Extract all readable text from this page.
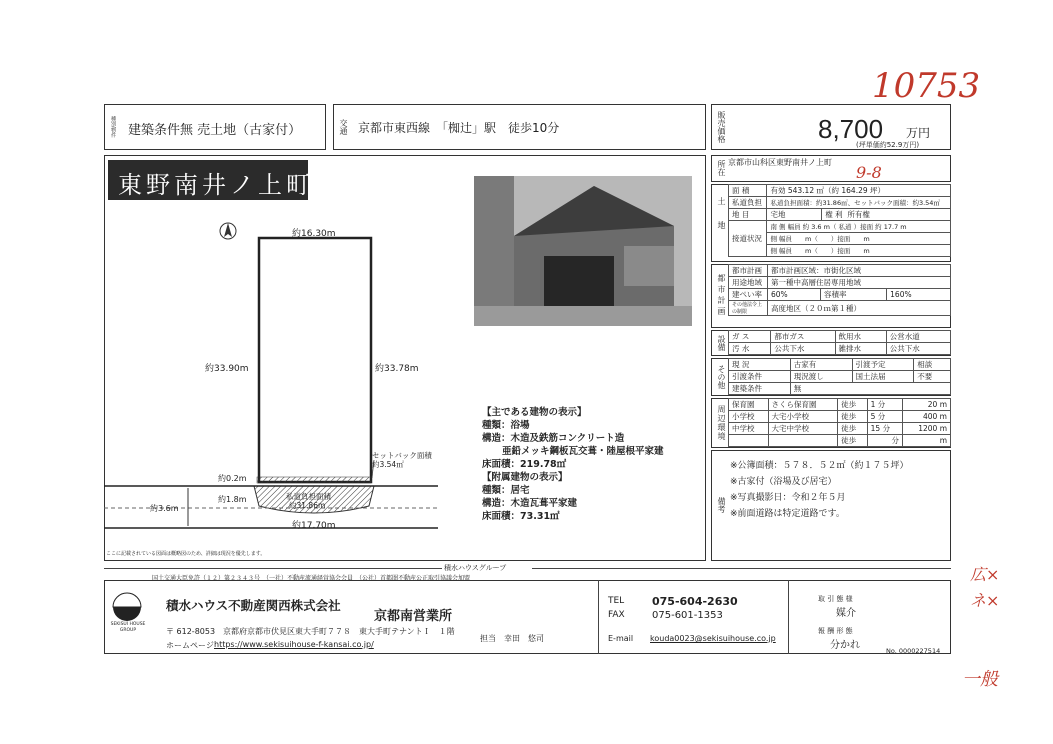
10753
9-8
広×
ネ×
一般
種別/物件 建築条件無 売土地（古家付）	交通 京都市東西線　「椥辻」駅　徒歩10分	販売価格	8,700 万円
(坪単価約52.9万円)
東野南井ノ上町
約16.30m
約33.90m	約33.78m
セットバック面積
約3.54㎡
約0.2m
約1.8m	私道負担面積
約31.86m
約3.6m
約17.70m
ここに記載されている図面は概略図のため、詳細は現況を優先します。
【主である建物の表示】
種類：浴場
構造：木造及鉄筋コンクリート造
亜鉛メッキ鋼板瓦交葺・陸屋根平家建
床面積：219.78㎡
【附属建物の表示】
種類：居宅
構造：木造瓦葺平家建
床面積：73.31㎡
所在 京都市山科区東野南井ノ上町
土地
面 積	有効 543.12 ㎡（約 164.29 坪）	
私道負担	私道負担面積：約31.86㎡、セットバック面積：約3.54㎡	
地 目	宅地	権 利 所有権
接道状況	南 側 幅員 約 3.6 m（ 私道 ）接面 約 17.7 m	
	側 幅員　　m（　　）接面　　m	
	側 幅員　　m（　　）接面　　m	
都市計画
都市計画	都市計画区域：市街化区域		
用途地域	第一種中高層住居専用地域		
建ぺい率	60%	容積率	160%
その他法令上の制限	高度地区（２０ｍ第１種）		
設備 ガ ス	都市ガス	飲用水	公営水道
汚 水	公共下水	雑排水	公共下水
その他
現 況	古家有	引渡予定	相談
引渡条件	現況渡し	国土法届	不要
建築条件	無		
周辺環境
保育園	さくら保育園	徒歩	1 分	20 m
小学校	大宅小学校	徒歩	5 分	400 m
中学校	大宅中学校	徒歩	15 分	1200 m
		徒歩	分	m
備考
※公簿面積：５７８．５２㎡（約１７５坪）
※古家付（浴場及び居宅）
※写真撮影日：令和２年５月
※前面道路は特定道路です。
積水ハウスグループ
国土交通大臣免許（１２）第２３４３号　（一社）不動産流通経営協会会員　（公社）首都圏不動産公正取引協議会加盟
SEKISUI HOUSE GROUP
積水ハウス不動産関西株式会社
京都南営業所
〒 612-8053　京都府京都市伏見区東大手町７７８　東大手町テナントＩ　１階
ホームページ https://www.sekisuihouse-f-kansai.co.jp/
TEL	075-604-2630
FAX	075-601-1353
担当　幸田　悠司	E-mail kouda0023@sekisuihouse.co.jp
取 引 態 様
媒介
報 酬 形 態
分かれ	No. 0000227514
